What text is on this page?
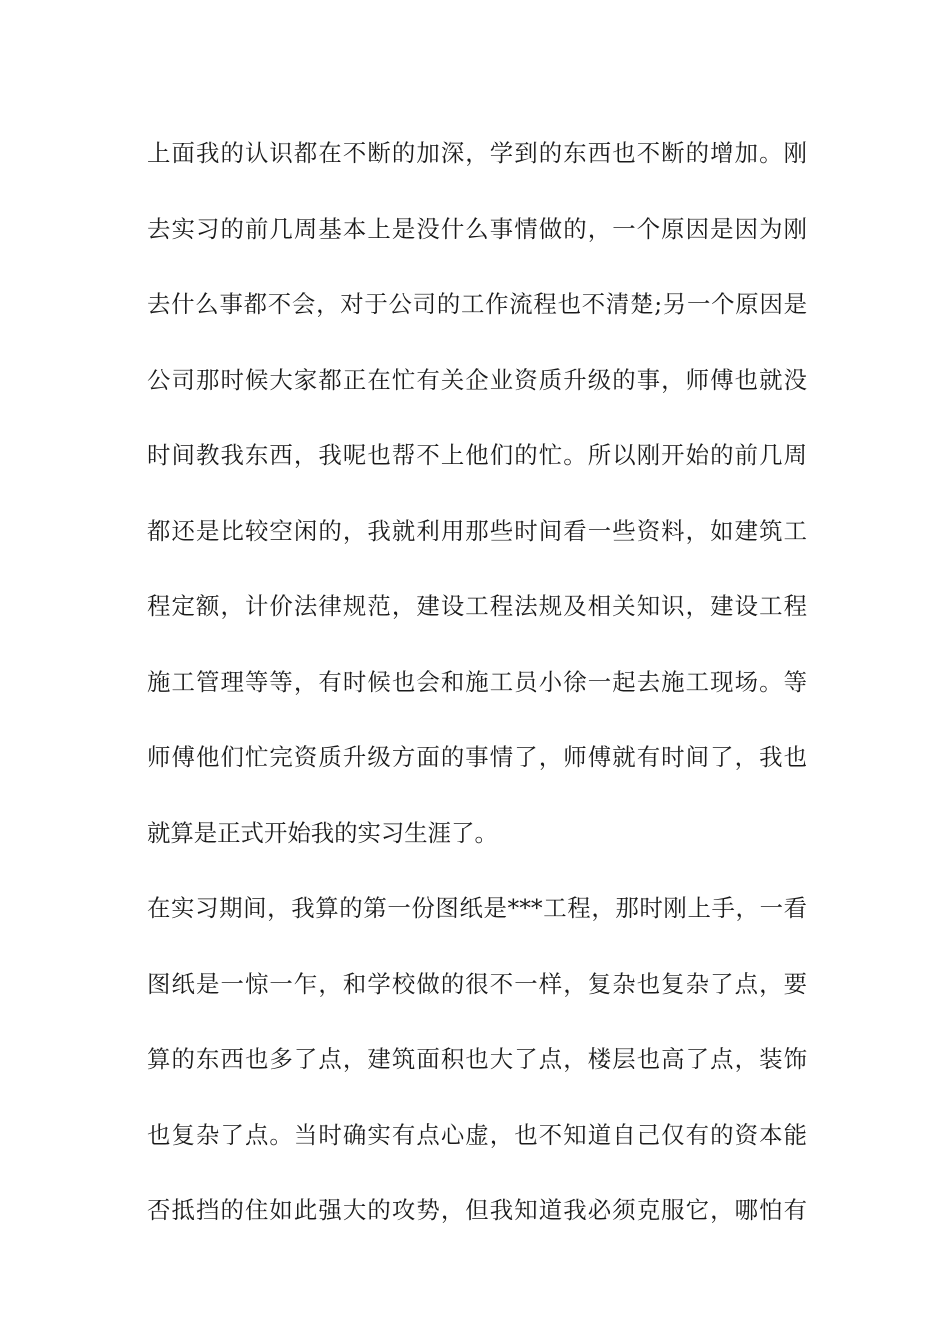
上面我的认识都在不断的加深，学到的东西也不断的增加。刚
去实习的前几周基本上是没什么事情做的，一个原因是因为刚
去什么事都不会，对于公司的工作流程也不清楚;另一个原因是
公司那时候大家都正在忙有关企业资质升级的事，师傅也就没
时间教我东西，我呢也帮不上他们的忙。所以刚开始的前几周
都还是比较空闲的，我就利用那些时间看一些资料，如建筑工
程定额，计价法律规范，建设工程法规及相关知识，建设工程
施工管理等等，有时候也会和施工员小徐一起去施工现场。等
师傅他们忙完资质升级方面的事情了，师傅就有时间了，我也
就算是正式开始我的实习生涯了。
在实习期间，我算的第一份图纸是***工程，那时刚上手，一看
图纸是一惊一乍，和学校做的很不一样，复杂也复杂了点，要
算的东西也多了点，建筑面积也大了点，楼层也高了点，装饰
也复杂了点。当时确实有点心虚，也不知道自己仅有的资本能
否抵挡的住如此强大的攻势，但我知道我必须克服它，哪怕有
